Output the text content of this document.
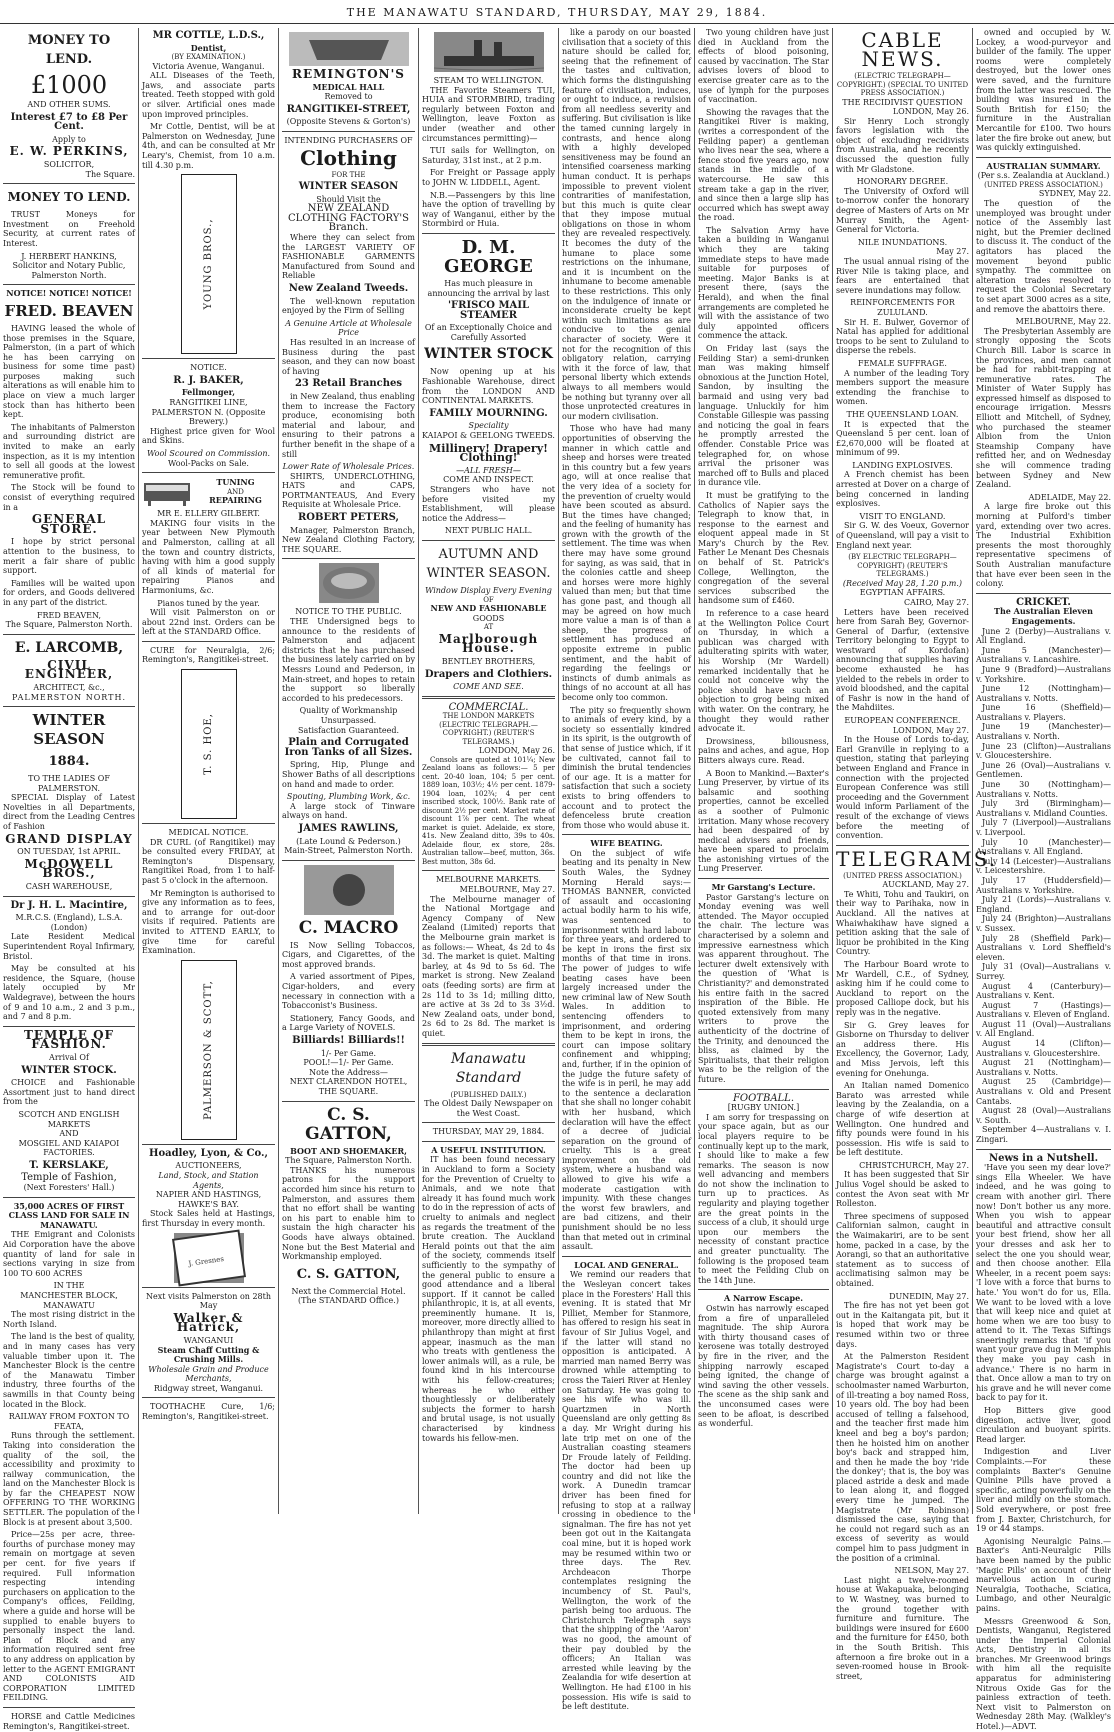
THE MANAWATU STANDARD, THURSDAY, MAY 29, 1884.
MONEY TO LEND.
£1000
AND OTHER SUMS.
Interest £7 to £8 Per Cent.
Apply to
E. W. PERKINS,
SOLICITOR,
The Square.
MONEY TO LEND.

TRUST Moneys for Investment on Freehold Security, at current rates of Interest.

J. HERBERT HANKINS, Solicitor and Notary Public, Palmerston North.
NOTICE! NOTICE! NOTICE!
FRED. BEAVEN

HAVING leased the whole of those premises in the Square, Palmerston, (in a part of which he has been carrying on business for some time past) purposes making such alterations as will enable him to place on view a much larger stock than has hitherto been kept.

The inhabitants of Palmerston and surrounding district are invited to make an early inspection, as it is my intention to sell all goods at the lowest remunerative profit.

The Stock will be found to consist of everything required in a

GENERAL STORE.

I hope by strict personal attention to the business, to merit a fair share of public support.

Families will be waited upon for orders, and Goods delivered in any part of the district.

FRED BEAVEN,
The Square, Palmerston North.
E. LARCOMB,
CIVIL ENGINEER,
ARCHITECT, &c.,
PALMERSTON NORTH.
WINTER SEASON
1884.
TO THE LADIES OF PALMERSTON.

SPECIAL Display of Latest Novelties in all Departments, direct from the Leading Centres of Fashion

GRAND DISPLAY
ON TUESDAY, 1st APRIL.
McDOWELL BROS.,
CASH WAREHOUSE,
Dr J. H. L. Macintire,
M.R.C.S. (England), L.S.A. (London)

Late Resident Medical Superintendent Royal Infirmary, Bristol.

May be consulted at his residence, the Square, (house lately occupied by Mr Waldegrave), between the hours of 9 and 10 a.m., 2 and 3 p.m., and 7 and 8 p.m.

TEMPLE OF FASHION.
Arrival Of
WINTER STOCK.

CHOICE and Fashionable Assortment just to hand direct from the

SCOTCH AND ENGLISH MARKETS
AND
MOSGIEL AND KAIAPOI
FACTORIES.
T. KERSLAKE,
Temple of Fashion,
(Next Foresters' Hall.)
35,000 ACRES OF FIRST CLASS LAND FOR SALE IN MANAWATU.

THE Emigrant and Colonists Aid Corporation have the above quantity of land for sale in sections varying in size from 100 TO 600 ACRES

IN THE
MANCHESTER BLOCK, MANAWATU

The most rising district in the North Island.

The land is the best of quality, and in many cases has very valuable timber upon it. The Manchester Block is the centre of the Manawatu Timber industry, three fourths of the sawmills in that County being located in the Block.

RAILWAY FROM FOXTON TO FEATA,

Runs through the settlement. Taking into consideration the quality of the soil, the accessibility and proximity to railway communication, the land on the Manchester Block is by far the CHEAPEST NOW OFFERING TO THE WORKING SETTLER. The population of the Block is at present about 3,500.

Price—25s per acre, three-fourths of purchase money may remain on mortgage at seven per cent. for five years if required. Full information respecting intending purchasers on application to the Company's offices, Feilding, where a guide and horse will be supplied to enable buyers to personally inspect the land. Plan of Block and any information required sent free to any address on application by letter to the AGENT EMIGRANT AND COLONISTS AID CORPORATION LIMITED FEILDING.

HORSE and Cattle Medicines Remington's, Rangitikei-street.

MR COTTLE, L.D.S.,
Dentist,
(BY EXAMINATION.)
Victoria Avenue, Wanganui.

ALL Diseases of the Teeth, Jaws, and associate parts treated. Teeth stopped with gold or silver. Artificial ones made upon improved principles.

Mr Cottle, Dentist, will be at Palmerston on Wednesday, June 4th, and can be consulted at Mr Leary's, Chemist, from 10 a.m. till 4.30 p.m.

YOUNG BROS.,
NOTICE.
R. J. BAKER,
Fellmonger,
RANGITIKEI LINE, PALMERSTON N. (Opposite Brewery.)

Highest price given for Wool and Skins.

Wool Scoured on Commission.
Wool-Packs on Sale.
TUNING
AND
REPAIRING
MR E. ELLERY GILBERT.

MAKING four visits in the year between New Plymouth and Palmerston, calling at all the town and country districts, having with him a good supply of all kinds of material for repairing Pianos and Harmoniums, &c.

Pianos tuned by the year.

Will visit Palmerston on or about 22nd inst. Orders can be left at the STANDARD Office.

CURE for Neuralgia, 2/6; Remington's, Rangitikei-street.

T. S. HOE,
MEDICAL NOTICE.

DR CURL (of Rangitikei) may be consulted every FRIDAY, at Remington's Dispensary, Rangitikei Road, from 1 to half-past 5 o'clock in the afternoon.

Mr Remington is authorised to give any information as to fees, and to arrange for out-door visits if required. Patients are invited to ATTEND EARLY, to give time for careful Examination.

PALMERSON & SCOTT,
Hoadley, Lyon, & Co.,
AUCTIONEERS,
Land, Stock, and Station
Agents,
NAPIER AND HASTINGS,
HAWKE'S BAY.

Stock Sales held at Hastings, first Thursday in every month.

J. Gresnes
Next visits Palmerston on 28th May
Walker & Hatrick,
WANGANUI
Steam Chaff Cutting & Crushing Mills.
Wholesale Grain and Produce Merchants,
Ridgway street, Wanganui.

TOOTHACHE Cure, 1/6; Remington's, Rangitikei-street.

REMINGTON'S
MEDICAL HALL
Removed to
RANGITIKEI-STREET,
(Opposite Stevens & Gorton's)
INTENDING PURCHASERS OF
Clothing
FOR THE
WINTER SEASON
Should Visit the
NEW ZEALAND
CLOTHING FACTORY'S
Branch.

Where they can select from the LARGEST VARIETY OF FASHIONABLE GARMENTS Manufactured from Sound and Reliable

New Zealand Tweeds.

The well-known reputation enjoyed by the Firm of Selling

A Genuine Article at Wholesale Price

Has resulted in an increase of Business during the past season, and they can now boast of having

23 Retail Branches

in New Zealand, thus enabling them to increase the Factory produce, economising both material and labour, and ensuring to their patrons a further benefit in the shape of a still

Lower Rate of Wholesale Prices.

SHIRTS, UNDERCLOTHING, HATS and CAPS, PORTMANTEAUS, And Every Requisite at Wholesale Price.

ROBERT PETERS,

Manager, Palmerston Branch, New Zealand Clothing Factory, THE SQUARE.

NOTICE TO THE PUBLIC.

THE Undersigned begs to announce to the residents of Palmerston and adjacent districts that he has purchased the business lately carried on by Messrs Lound and Pederson, in Main-street, and hopes to retain the support so liberally accorded to his predecessors.

Quality of Workmanship Unsurpassed.
Satisfaction Guaranteed.
Plain and Corrugated Iron Tanks of all Sizes.

Spring, Hip, Plunge and Shower Baths of all descriptions on hand and made to order.

Spouting, Plumbing Work, &c.

A large stock of Tinware always on hand.

JAMES RAWLINS,
(Late Lound & Pederson.)
Main-Street, Palmerston North.
C. MACRO

IS Now Selling Tobaccos, Cigars, and Cigarettes, of the most approved brands.

A varied assortment of Pipes, Cigar-holders, and every necessary in connection with a Tobacconist's Business.

Stationery, Fancy Goods, and a Large Variety of NOVELS.

Billiards! Billiards!!
1/- Per Game.
POOL!—1/- Per Game.
Note the Address—
NEXT CLARENDON HOTEL,
THE SQUARE.
C. S. GATTON,
BOOT AND SHOEMAKER,
The Square, Palmerston North.

THANKS his numerous patrons for the support accorded him since his return to Palmerston, and assures them that no effort shall be wanting on his part to enable him to sustain the high character his Goods have always obtained. None but the Best Material and Workmanship employed.

C. S. GATTON,
Next the Commercial Hotel.
(The STANDARD Office.)
STEAM TO WELLINGTON.

THE Favorite Steamers TUI, HUIA and STORMBIRD, trading regularly between Foxton and Wellington, leave Foxton as under (weather and other circumstances permitting)—

TUI sails for Wellington, on Saturday, 31st inst., at 2 p.m.

For Freight or Passage apply to JOHN W. LIDDELL, Agent.

N.B.—Passengers by this line have the option of travelling by way of Wanganui, either by the Stormbird or Huia.

D. M. GEORGE
Has much pleasure in announcing the arrival by last
'FRISCO MAIL STEAMER
Of an Exceptionally Choice and Carefully Assorted
WINTER STOCK

Now opening up at his Fashionable Warehouse, direct from the LONDON AND CONTINENTAL MARKETS.

FAMILY MOURNING.
Speciality
KAIAPOI & GEELONG TWEEDS.
Millinery! Drapery! Clothing!
—ALL FRESH—
COME AND INSPECT.

Strangers who have not before visited my Establishment, will please notice the Address—

NEXT PUBLIC HALL.
AUTUMN AND WINTER SEASON.
Window Display Every Evening
OF
NEW AND FASHIONABLE
GOODS
AT
Marlborough House.
BENTLEY BROTHERS,
Drapers and Clothiers.
COME AND SEE.
COMMERCIAL.
THE LONDON MARKETS
(ELECTRIC TELEGRAPH.—COPYRIGHT.) (REUTER'S TELEGRAMS.)
LONDON, May 26.

Consols are quoted at 101¼; New Zealand loans as follows:— 5 per cent. 20-40 loan, 104; 5 per cent. 1889 loan, 103½; 4½ per cent. 1879-1904 loan, 102¾; 4 per cent inscribed stock, 100½. Bank rate of discount 2½ per cent. Market rate of discount 1⅞ per cent. The wheat market is quiet. Adelaide, ex store, 41s. New Zealand ditto, 39s to 40s. Adelaide flour, ex store, 28s. Australian tallow—beef, mutton, 36s. Best mutton, 38s 6d.

MELBOURNE MARKETS.
MELBOURNE, May 27.

The Melbourne manager of the National Mortgage and Agency Company of New Zealand (Limited) reports that the Melbourne grain market is as follows:— Wheat, 4s 2d to 4s 3d. The market is quiet. Malting barley, at 4s 9d to 5s 6d. The market is strong. New Zealand oats (feeding sorts) are firm at 2s 11d to 3s 1d; milling ditto, are active at 3s 2d to 3s 3½d. New Zealand oats, under bond, 2s 6d to 2s 8d. The market is quiet.

Manawatu Standard
(PUBLISHED DAILY.)
The Oldest Daily Newspaper on the West Coast.
THURSDAY, MAY 29, 1884.
A USEFUL INSTITUTION.

IT has been found necessary in Auckland to form a Society for the Prevention of Cruelty to Animals, and we note that already it has found much work to do in the repression of acts of cruelty to animals and neglect as regards the treatment of the brute creation. The Auckland Herald points out that the aim of the society, commends itself sufficiently to the sympathy of the general public to ensure a good attendance and a liberal support. If it cannot be called philanthropic, it is, at all events, preeminently humane. It is, moreover, more directly allied to philanthropy than might at first appear, inasmuch as the man who treats with gentleness the lower animals will, as a rule, be found kind in his intercourse with his fellow-creatures; whereas he who either thoughtlessly or deliberately subjects the former to harsh and brutal usage, is not usually characterised by kindness towards his fellow-men.

like a parody on our boasted civilisation that a society of this nature should be called for, seeing that the refinement of the tastes and cultivation, which forms the distinguishing feature of civilisation, induces, or ought to induce, a revulsion from all needless severity and suffering. But civilisation is like the tamed cunning largely in contrasts, and hence along with a highly developed sensitiveness may be found an intensified coarseness marking human conduct. It is perhaps impossible to prevent violent contrarities of manifestation, but this much is quite clear that they impose mutual obligations on those in whom they are revealed respectively. It becomes the duty of the humane to place some restrictions on the inhumane, and it is incumbent on the inhumane to become amenable to these restrictions. This only on the indulgence of innate or inconsiderate cruelty be kept within such limitations as are conducive to the genial character of society. Were it not for the recognition of this obligatory relation, carrying with it the force of law, that personal liberty which extends always to all members would be nothing but tyranny over all those unprotected creatures in our modern civilisation.

Those who have had many opportunities of observing the manner in which cattle and sheep and horses were treated in this country but a few years ago, will at once realise that the very idea of a society for the prevention of cruelty would have been scouted as absurd. But the times have changed; and the feeling of humanity has grown with the growth of the settlement. The time was when there may have some ground for saying, as was said, that in the colonies cattle and sheep and horses were more highly valued than men; but that time has gone past, and though all may be agreed on how much more value a man is of than a sheep, the progress of settlement has produced an opposite extreme in public sentiment, and the habit of regarding the feelings or instincts of dumb animals as things of no account at all has become only too common.

The pity so frequently shown to animals of every kind, by a society so essentially kindred in its spirit, is the outgrowth of that sense of justice which, if it be cultivated, cannot fail to diminish the brutal tendencies of our age. It is a matter for satisfaction that such a society exists to bring offenders to account and to protect the defenceless brute creation from those who would abuse it.

WIFE BEATING.

On the subject of wife beating and its penalty in New South Wales, the Sydney Morning Herald says:— THOMAS BANNER, convicted of assault and occasioning actual bodily harm to his wife, was sentenced to imprisonment with hard labour for three years, and ordered to be kept in irons the first six months of that time in irons. The power of judges to wife beating cases have been largely increased under the new criminal law of New South Wales. In addition to sentencing offenders to imprisonment, and ordering them to be kept in irons, the court can impose solitary confinement and whipping; and, further, if in the opinion of the judge the future safety of the wife is in peril, he may add to the sentence a declaration that she shall no longer cohabit with her husband, which declaration will have the effect of a decree of judicial separation on the ground of cruelty. This is a great improvement on the old system, where a husband was allowed to give his wife a moderate castigation with impunity. With these changes the worst few brawlers, and are bad citizens, and their punishment should be no less than that meted out in criminal assault.

LOCAL AND GENERAL.

We remind our readers that the Wesleyan concert takes place in the Foresters' Hall this evening. It is stated that Mr Pilliet, Member for Stanmore, has offered to resign his seat in favour of Sir Julius Vogel, and if the latter will stand no opposition is anticipated. A married man named Berry was drowned while attempting to cross the Taieri River at Henley on Saturday. He was going to see his wife who was ill. Quartzmen in North Queensland are only getting 8s a day. Mr Wright during his late trip met on one of the Australian coasting steamers Dr Froude lately of Feilding. The doctor had been up country and did not like the work. A Dunedin tramcar driver has been fined for refusing to stop at a railway crossing in obedience to the signalman. The fire has not yet been got out in the Kaitangata coal mine, but it is hoped work may be resumed within two or three days. The Rev. Archdeacon Thorpe contemplates resigning the incumbency of St. Paul's, Wellington, the work of the parish being too arduous. The Christchurch Telegraph says that the shipping of the 'Aaron' was no good, the amount of their pay doubled by the officers; An Italian was arrested while leaving by the Zealandia for wife desertion at Wellington. He had £100 in his possession. His wife is said to be left destitute.

Two young children have just died in Auckland from the effects of blood poisoning, caused by vaccination. The Star advises lovers of blood to exercise greater care as to the use of lymph for the purposes of vaccination.

Showing the ravages that the Rangitikei River is making, (writes a correspondent of the Feilding paper) a gentleman who lives near the sea, where a fence stood five years ago, now stands in the middle of a watercourse. He saw this stream take a gap in the river, and since then a large slip has occurred which has swept away the road.

The Salvation Army have taken a building in Wanganui which they are taking immediate steps to have made suitable for purposes of meeting. Major Banks is at present there, (says the Herald), and when the final arrangements are completed he will with the assistance of two duly appointed officers commence the attack.

On Friday last (says the Feilding Star) a semi-drunken man was making himself obnoxious at the Junction Hotel, Sandon, by insulting the barmaid and using very bad language. Unluckily for him Constable Gillespie was passing and noticing the goal in fears he promptly arrested the offender. Constable Price was telegraphed for, on whose arrival the prisoner was marched off to Bulls and placed in durance vile.

It must be gratifying to the Catholics of Napier says the Telegraph to know that, in response to the earnest and eloquent appeal made in St Mary's Church by the Rev. Father Le Menant Des Chesnais on behalf of St. Patrick's College, Wellington, the congregation of the several services subscribed the handsome sum of £460.

In reference to a case heard at the Wellington Police Court on Thursday, in which a publican was charged with adulterating spirits with water, his Worship (Mr Wardell) remarked incidentally that he could not conceive why the police should have such an objection to grog being mixed with water. On the contrary, he thought they would rather advocate it.

Drowsiness, biliousness, pains and aches, and ague, Hop Bitters always cure. Read.

A Boon to Mankind.—Baxter's Lung Preserver, by virtue of its balsamic and soothing properties, cannot be excelled as a soother of Pulmonic irritation. Many whose recovery had been despaired of by medical advisers and friends, have been spared to proclaim the astonishing virtues of the Lung Preserver.

Mr Garstang's Lecture.

Pastor Garstang's lecture on Monday evening was well attended. The Mayor occupied the chair. The lecture was characterised by a solemn and impressive earnestness which was apparent throughout. The lecturer dwelt extensively with the question of 'What is Christianity?' and demonstrated his entire faith in the sacred inspiration of the Bible. He quoted extensively from many writers to prove the authenticity of the doctrine of the Trinity, and denounced the bliss, as claimed by the Spiritualists, that their religion was to be the religion of the future.

FOOTBALL.
[RUGBY UNION.]

I am sorry for trespassing on your space again, but as our local players require to be continually kept up to the mark, I should like to make a few remarks. The season is now well advancing and members do not show the inclination to turn up to practices. As regularity and playing together are the great points in the success of a club, it should urge upon our members the necessity of constant practice and greater punctuality. The following is the proposed team to meet the Feilding Club on the 14th June.

A Narrow Escape.

Ostwin has narrowly escaped from a fire of unparalleled magnitude. The ship Aurora with thirty thousand cases of kerosene was totally destroyed by fire in the river, and the shipping narrowly escaped being ignited, the change of wind saving the other vessels. The scene as the ship sank and the unconsumed cases were seen to be afloat, is described as wonderful.

CABLE NEWS.
(ELECTRIC TELEGRAPH—COPYRIGHT.) (SPECIAL TO UNITED PRESS ASSOCIATION.)
THE RECIDIVIST QUESTION
LONDON, May 26.

Sir Henry Loch strongly favors legislation with the object of excluding recidivists from Australia, and he recently discussed the question fully with Mr Gladstone.

HONORARY DEGREE.

The University of Oxford will to-morrow confer the honorary degree of Masters of Arts on Mr Murray Smith, the Agent-General for Victoria.

NILE INUNDATIONS.
May 27.

The usual annual rising of the River Nile is taking place, and fears are entertained that severe inundations may follow.

REINFORCEMENTS FOR ZULULAND.

Sir H. E. Bulwer, Governor of Natal has applied for additional troops to be sent to Zululand to disperse the rebels.

FEMALE SUFFRAGE.

A number of the leading Tory members support the measure extending the franchise to women.

THE QUEENSLAND LOAN.

It is expected that the Queensland 5 per cent. loan of £2,670,000 will be floated at minimum of 99.

LANDING EXPLOSIVES.

A French chemist has been arrested at Dover on a charge of being concerned in landing explosives.

VISIT TO ENGLAND.

Sir G. W. des Voeux, Governor of Queensland, will pay a visit to England next year.

(BY ELECTRIC TELEGRAPH—COPYRIGHT) (REUTER'S TELEGRAMS.)
(Received May 28, 1.20 p.m.)
EGYPTIAN AFFAIRS.
CAIRO, May 27.

Letters have been received here from Sarah Bey, Governor-General of Darfur, (extensive Territory belonging to Egypt to westward of Kordofan) announcing that supplies having become exhausted he has yielded to the rebels in order to avoid bloodshed, and the capital of Fashr is now in the hand of the Mahdiites.

EUROPEAN CONFERENCE.
LONDON, May 27.

In the House of Lords to-day, Earl Granville in replying to a question, stating that parleying between England and France in connection with the projected European Conference was still proceeding and the Government would inform Parliament of the result of the exchange of views before the meeting of convention.

TELEGRAMS.
(UNITED PRESS ASSOCIATION.)
AUCKLAND, May 27.

Te Whiti, Tohu and Taukiri, on their way to Parihaka, now in Auckland. All the natives at Whaiwhakihaw have signed a petition asking that the sale of liquor be prohibited in the King Country.

The Harbour Board wrote to Mr Wardell, C.E., of Sydney, asking him if he could come to Auckland to report on the proposed Calliope dock, but his reply was in the negative.

Sir G. Grey leaves for Gisborne on Thursday to deliver an address there. His Excellency, the Governor, Lady, and Miss Jervois, left this evening for Onehunga.

An Italian named Domenico Barato was arrested while leaving by the Zealandia, on a charge of wife desertion at Wellington. One hundred and fifty pounds were found in his possession. His wife is said to be left destitute.

CHRISTCHURCH, May 27.

It has been suggested that Sir Julius Vogel should be asked to contest the Avon seat with Mr Rolleston.

Three specimens of supposed Californian salmon, caught in the Waimakariri, are to be sent home, packed in a case, by the Aorangi, so that an authoritative statement as to success of acclimatising salmon may be obtained.

DUNEDIN, May 27.

The fire has not yet been got out in the Kaitangata pit, but it is hoped that work may be resumed within two or three days.

At the Palmerston Resident Magistrate's Court to-day a charge was brought against a schoolmaster named Warburton, of ill-treating a boy named Ross, 10 years old. The boy had been accused of telling a falsehood, and the teacher first made him kneel and beg a boy's pardon; then he hoisted him on another boy's back and strapped him, and then he made the boy 'ride the donkey'; that is, the boy was placed astride a desk and made to lean along it, and flogged every time he jumped. The Magistrate (Mr Robinson) dismissed the case, saying that he could not regard such as an excess of severity as would compel him to pass judgment in the position of a criminal.

NELSON, May 27.

Last night a twelve-roomed house at Wakapuaka, belonging to W. Wastney, was burned to the ground together with furniture and furniture. The buildings were insured for £600 and the furniture for £450, both in the South British. This afternoon a fire broke out in a seven-roomed house in Brook-street,

owned and occupied by W. Lockey, a wood-purveyor and builder of the family. The upper rooms were completely destroyed, but the lower ones were saved, and the furniture from the latter was rescued. The building was insured in the South British for £150; the furniture in the Australian Mercantile for £100. Two hours later the fire broke out anew, but was quickly extinguished.

AUSTRALIAN SUMMARY.
(Per s.s. Zealandia at Auckland.)
(UNITED PRESS ASSOCIATION.)
SYDNEY, May 22.

The question of the unemployed was brought under notice of the Assembly last night, but the Premier declined to discuss it. The conduct of the agitators has placed the movement beyond public sympathy. The committee on alteration trades resolved to request the Colonial Secretary to set apart 3000 acres as a site, and remove the abattoirs there.

MELBOURNE, May 22.

The Presbyterian Assembly are strongly opposing the Scots Church Bill. Labor is scarce in the provinces, and men cannot be had for rabbit-trapping at remunerative rates. The Minister of Water Supply has expressed himself as disposed to encourage irrigation. Messrs Elliott and Mitchell, of Sydney, who purchased the steamer Albion from the Union Steamship Company have refitted her, and on Wednesday she will commence trading between Sydney and New Zealand.

ADELAIDE, May 22.

A large fire broke out this morning at Pulford's timber yard, extending over two acres. The Industrial Exhibition presents the most thoroughly representative specimens of South Australian manufacture that have ever been seen in the colony.

CRICKET.
The Australian Eleven Engagements.
June 2 (Derby)—Australians v. All England.
June 5 (Manchester)—Australians v. Lancashire.
June 9 (Bradford)—Australians v. Yorkshire.
June 12 (Nottingham)—Australians v. Notts.
June 16 (Sheffield)—Australians v. Players.
June 19 (Manchester)—Australians v. North.
June 23 (Clifton)—Australians v. Gloucestershire.
June 26 (Oval)—Australians v. Gentlemen.
June 30 (Nottingham)—Australians v. Notts.
July 3rd (Birmingham)—Australians v. Midland Counties.
July 7 (Liverpool)—Australians v. Liverpool.
July 10 (Manchester)—Australians v. All England.
July 14 (Leicester)—Australians v. Leicestershire.
July 17 (Huddersfield)—Australians v. Yorkshire.
July 21 (Lords)—Australians v. England.
July 24 (Brighton)—Australians v. Sussex.
July 28 (Sheffield Park)—Australians v. Lord Sheffield's eleven.
July 31 (Oval)—Australians v. Surrey.
August 4 (Canterbury)—Australians v. Kent.
August 7 (Hastings)—Australians v. Eleven of England.
August 11 (Oval)—Australians v. All England.
August 14 (Clifton)—Australians v. Gloucestershire.
August 21 (Nottingham)—Australians v. Notts.
August 25 (Cambridge)—Australians v. Old and Present Cantabs.
August 28 (Oval)—Australians v. South.
September 4—Australians v. I. Zingari.
News in a Nutshell.

'Have you seen my dear love?' sings Ella Wheeler. We have indeed, and he was going to cream with another girl. There now! Don't bother us any more. When you wish to appear beautiful and attractive consult your best friend, show her all your dresses and ask her to select the one you should wear, and then choose another. Ella Wheeler, in a recent poem says: 'I love with a force that burns to hate.' You won't do for us, Ella. We want to be loved with a love that will keep nice and quiet at home when we are too busy to attend to it. The Texas Siftings sneeringly remarks that 'if you want your grave dug in Memphis they make you pay cash in advance.' There is no harm in that. Once allow a man to try on his grave and he will never come back to pay for it.

Hop Bitters give good digestion, active liver, good circulation and buoyant spirits. Read larger.

Indigestion and Liver Complaints.—For these complaints Baxter's Genuine Quinine Pills have proved a specific, acting powerfully on the liver and mildly on the stomach. Sold everywhere, or post free from J. Baxter, Christchurch, for 19 or 44 stamps.

Agonising Neuralgic Pains.—Baxter's Anti-Neuralgic Pills have been named by the public 'Magic Pills' on account of their marvellous action in curing Neuralgia, Toothache, Sciatica, Lumbago, and other Neuralgic pains.

Messrs Greenwood & Son, Dentists, Wanganui, Registered under the Imperial Colonial Acts, Dentistry in all its branches. Mr Greenwood brings with him all the requisite apparatus for administering Nitrous Oxide Gas for the painless extraction of teeth. Next visit to Palmerston on Wednesday 28th May. (Walkley's Hotel.)—ADVT.
